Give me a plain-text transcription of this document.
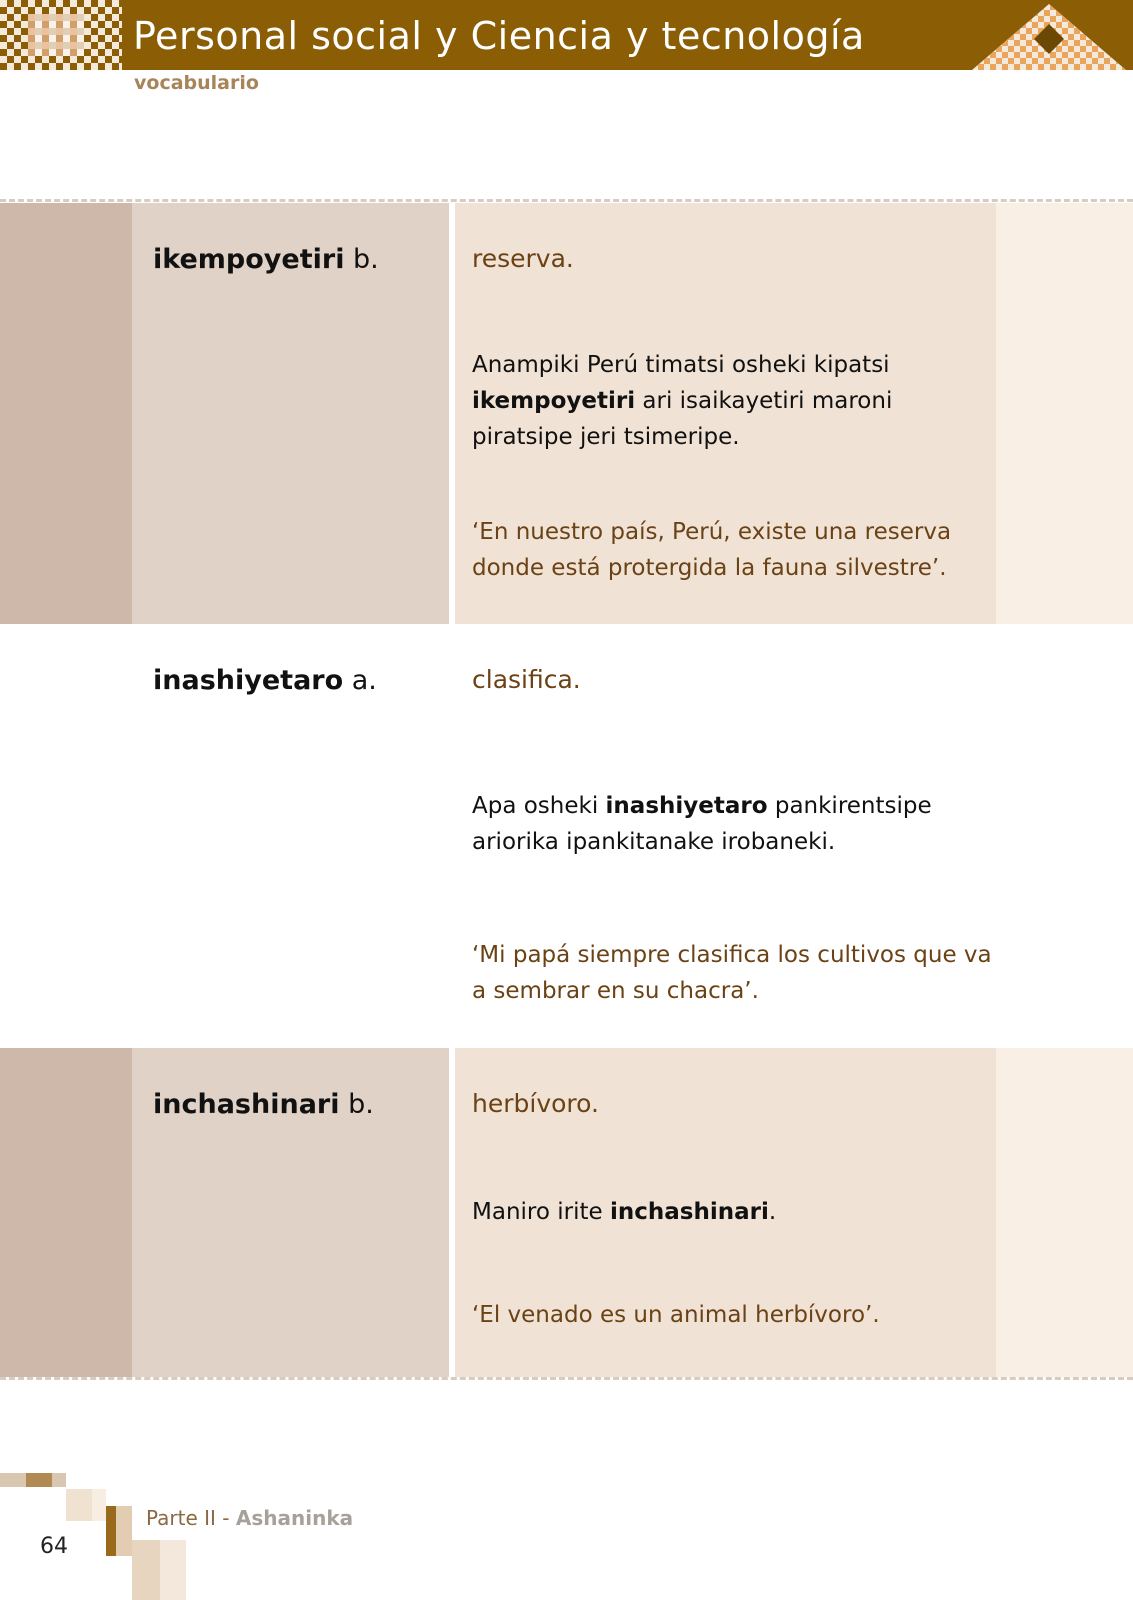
Personal social y Ciencia y tecnología

vocabulario

ikempoyetiri b.	reserva.

Anampiki Perú timatsi osheki kipatsi ikempoyetiri ari isaikayetiri maroni piratsipe jeri tsimeripe.

‘En nuestro país, Perú, existe una reserva donde está protergida la fauna silvestre’.

inashiyetaro a.	clasifica.

Apa osheki inashiyetaro pankirentsipe ariorika ipankitanake irobaneki.

‘Mi papá siempre clasifica los cultivos que va a sembrar en su chacra’.

inchashinari b.	herbívoro.

Maniro irite inchashinari.

‘El venado es un animal herbívoro’.

Parte II - Ashaninka

64
